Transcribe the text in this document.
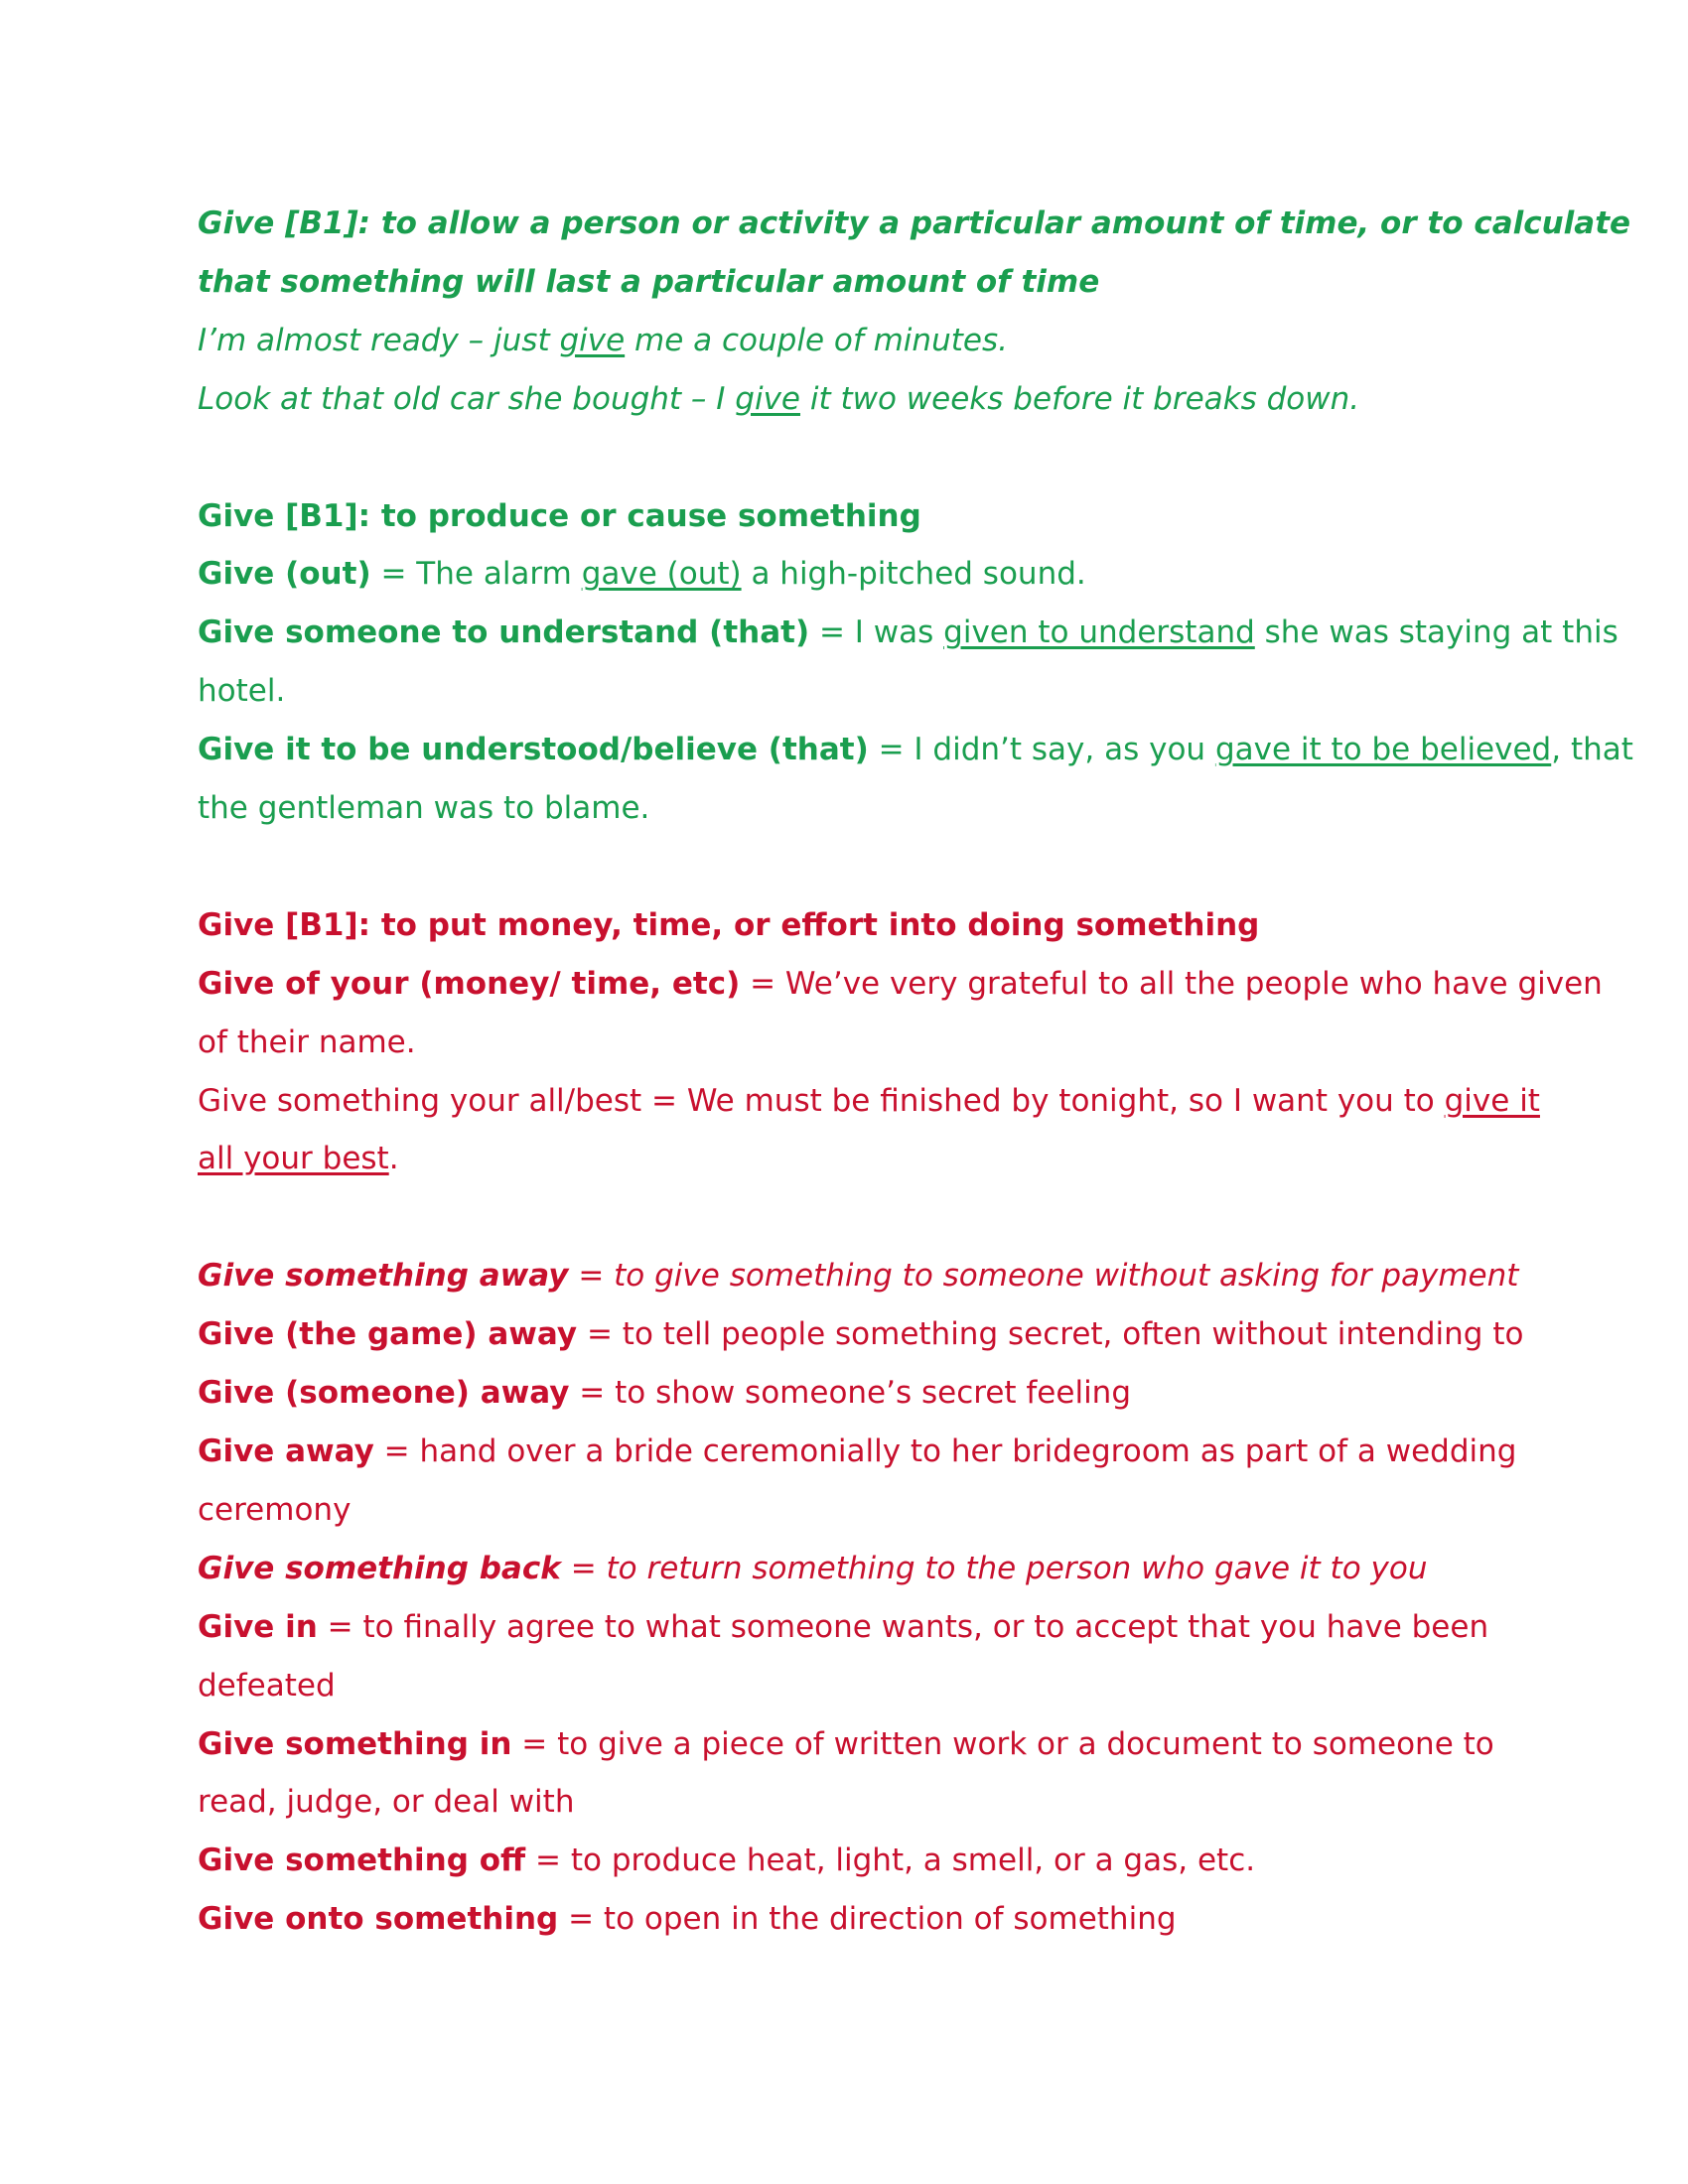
Give [B1]: to allow a person or activity a particular amount of time, or to calculate
that something will last a particular amount of time
I’m almost ready – just give me a couple of minutes.
Look at that old car she bought – I give it two weeks before it breaks down.
Give [B1]: to produce or cause something
Give (out) = The alarm gave (out) a high-pitched sound.
Give someone to understand (that) = I was given to understand she was staying at this
hotel.
Give it to be understood/believe (that) = I didn’t say, as you gave it to be believed, that
the gentleman was to blame.
Give [B1]: to put money, time, or effort into doing something
Give of your (money/ time, etc) = We’ve very grateful to all the people who have given
of their name.
Give something your all/best = We must be finished by tonight, so I want you to give it
all your best.
Give something away = to give something to someone without asking for payment
Give (the game) away = to tell people something secret, often without intending to
Give (someone) away = to show someone’s secret feeling
Give away = hand over a bride ceremonially to her bridegroom as part of a wedding
ceremony
Give something back = to return something to the person who gave it to you
Give in = to finally agree to what someone wants, or to accept that you have been
defeated
Give something in = to give a piece of written work or a document to someone to
read, judge, or deal with
Give something off = to produce heat, light, a smell, or a gas, etc.
Give onto something = to open in the direction of something
